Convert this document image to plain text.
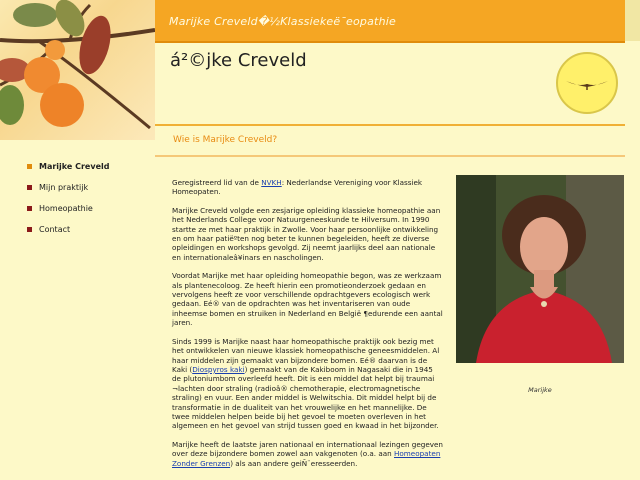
Marijke Creveld�½Klassiekeë¯eopathie
á²©jke Creveld
Wie is Marijke Creveld?
Marijke Creveld
Mijn praktijk
Homeopathie
Contact

Geregistreerd lid van de NVKH: Nederlandse Vereniging voor Klassiek Homeopaten.

Marijke Creveld volgde een zesjarige opleiding klassieke homeopathie aan het Nederlands College voor Natuurgeneeskunde te Hilversum. In 1990 startte ze met haar praktijk in Zwolle. Voor haar persoonlijke ontwikkeling en om haar patiëºten nog beter te kunnen begeleiden, heeft ze diverse opleidingen en workshops gevolgd. Zij neemt jaarlijks deel aan nationale en internationaleâ¥inars en nascholingen.

Voordat Marijke met haar opleiding homeopathie begon, was ze werkzaam als plantenecoloog. Ze heeft hierin een promotieonderzoek gedaan en vervolgens heeft ze voor verschillende opdrachtgevers ecologisch werk gedaan. Eé® van de opdrachten was het inventariseren van oude inheemse bomen en struiken in Nederland en België ¶edurende een aantal jaren.

Sinds 1999 is Marijke naast haar homeopathische praktijk ook bezig met het ontwikkelen van nieuwe klassiek homeopathische geneesmiddelen. Al haar middelen zijn gemaakt van bijzondere bomen. Eé® daarvan is de Kaki (Diospyros kaki) gemaakt van de Kakiboom in Nagasaki die in 1945 de plutoniumbom overleefd heeft. Dit is een middel dat helpt bij traumai ¬lachten door straling (radioâ® chemotherapie, electromagnetische straling) en vuur. Een ander middel is Welwitschia. Dit middel helpt bij de transformatie in de dualiteit van het vrouwelijke en het mannelijke. De twee middelen helpen beide bij het gevoel te moeten overleven in het algemeen en het gevoel van strijd tussen goed en kwaad in het bijzonder.

Marijke heeft de laatste jaren nationaal en internationaal lezingen gegeven over deze bijzondere bomen zowel aan vakgenoten (o.a. aan Homeopaten Zonder Grenzen) als aan andere geiÑ¨eresseerden.

Marijke
